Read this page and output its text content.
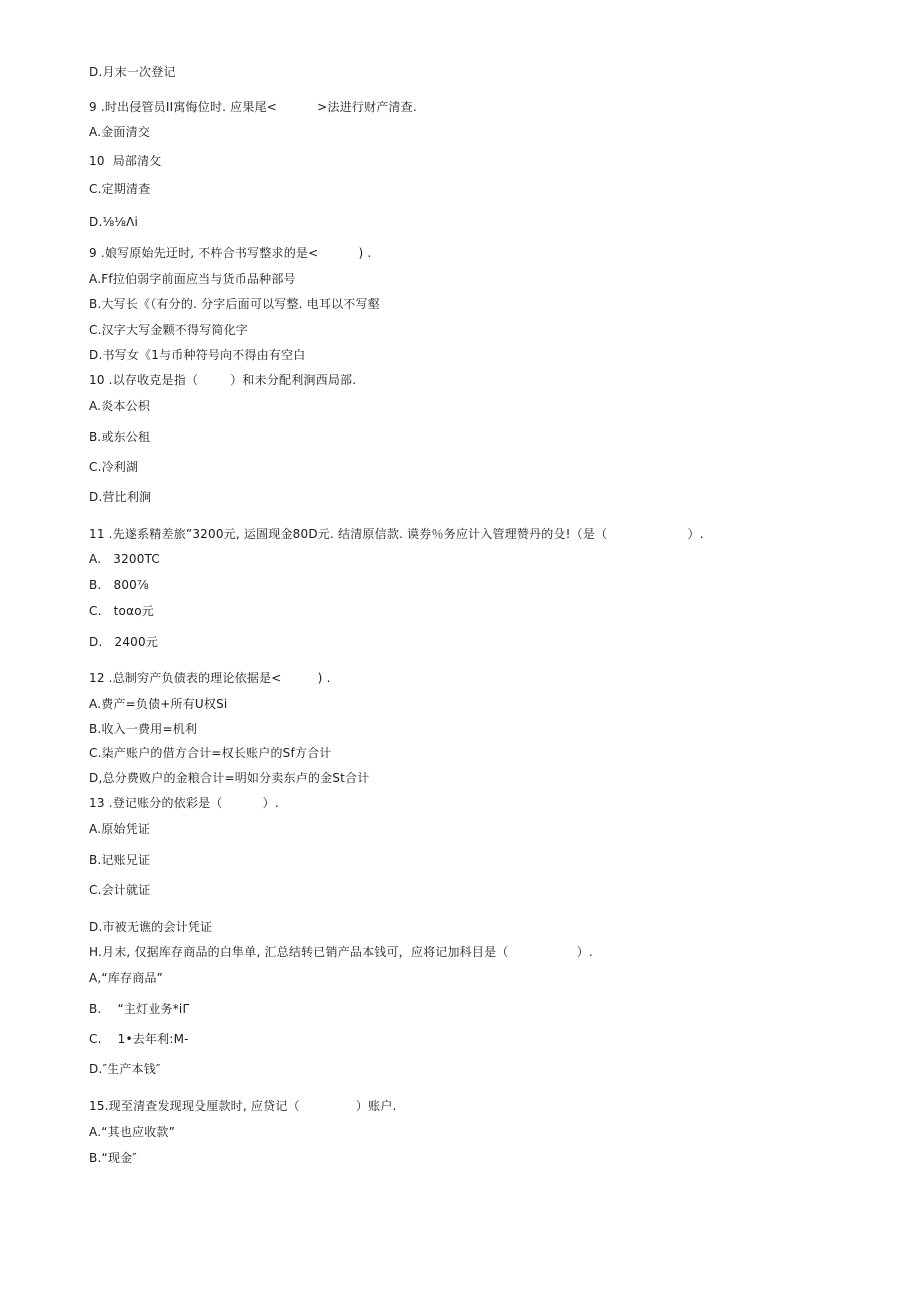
D.月末一次登记
9 .时出侵管员II寓悔位时. 应果尾<          >法进行财产清查.
A.金面清交
10  局部清攵
C.定期清查
D.⅛⅛Λi
9 .娘写原始先迂时, 不杵合书写整求的是<          ) .
A.Ff拉伯弱字前面应当与货币品种部号
B.大写长《（有分的. 分字后面可以写整. 电耳以不写壑
C.汉字大写金颗不得写简化字
D.书写女《1与币种符号向不得由有空白
10 .以存收克是指（        ）和未分配利涧西局部.
A.炎本公枳
B.或东公租
C.冷利湖
D.营比利涧
11 .先遂系精差旅”3200元, 运圄现金80D元. 结清原信款. 谟券％务应计入管理赞丹的殳!（是（                    ）.
A.   3200TC
B.   800⅞
C.   toαo元
D.   2400元
12 .总制穷产负债表的理论依据是<         ) .
A.费产=负债+所有U权Si
B.收入一费用=机利
C.柒产账户的借方合计=权长账户的Sf方合计
D,总分费败户的金粮合计=明如分卖东卢的金St合计
13 .登记账分的依彩是（          ）.
A.原始凭证
B.记账兄证
C.会计就证
D.市被无谯的会计凭证
H.月末, 仅据库存商品的白隼单, 汇总结转已销产品本钱可，应将记加科目是（                 ）.
A,“库存商品”
B.    “主灯业务*iΓ
C.    1•去年利:M-
D.″生产本钱″
15.现至清查发现现殳厘款时, 应贷记（              ）账户.
A.“其也应收款”
B.“现金″
